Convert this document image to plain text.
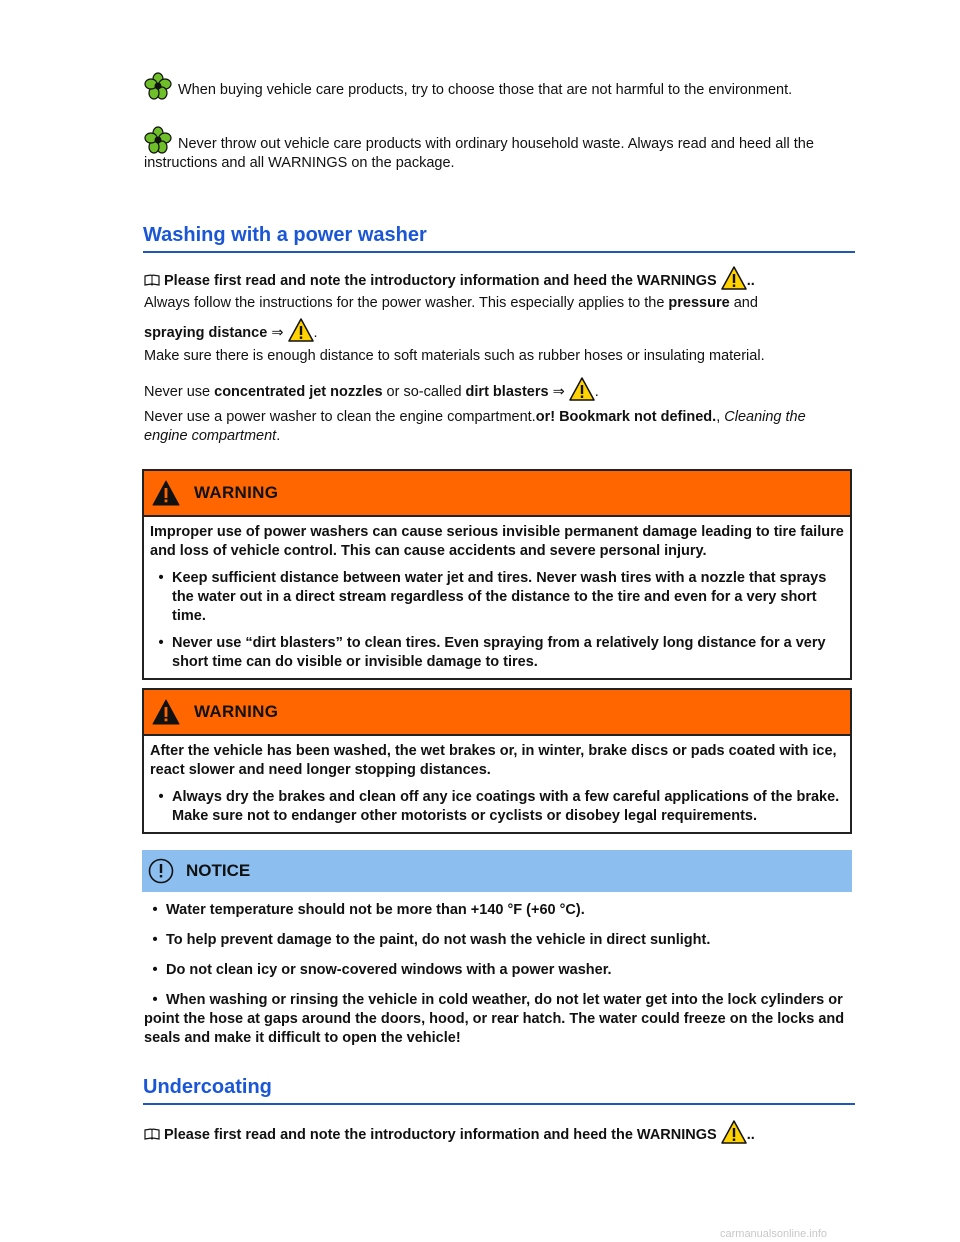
When buying vehicle care products, try to choose those that are not harmful to the environment.
Never throw out vehicle care products with ordinary household waste. Always read and heed all the instructions and all WARNINGS on the package.
Washing with a power washer
Please first read and note the introductory information and heed the WARNINGS ..
Always follow the instructions for the power washer. This especially applies to the pressure and
spraying distance ⇒ .
Make sure there is enough distance to soft materials such as rubber hoses or insulating material.
Never use concentrated jet nozzles or so-called dirt blasters ⇒ .
Never use a power washer to clean the engine compartment.or! Bookmark not defined., Cleaning the engine compartment.
WARNING

Improper use of power washers can cause serious invisible permanent damage leading to tire failure and loss of vehicle control. This can cause accidents and severe personal injury.

• Keep sufficient distance between water jet and tires. Never wash tires with a nozzle that sprays the water out in a direct stream regardless of the distance to the tire and even for a very short time.
• Never use “dirt blasters” to clean tires. Even spraying from a relatively long distance for a very short time can do visible or invisible damage to tires.
WARNING

After the vehicle has been washed, the wet brakes or, in winter, brake discs or pads coated with ice, react slower and need longer stopping distances.

• Always dry the brakes and clean off any ice coatings with a few careful applications of the brake. Make sure not to endanger other motorists or cyclists or disobey legal requirements.
NOTICE
• Water temperature should not be more than +140 °F (+60 °C).
• To help prevent damage to the paint, do not wash the vehicle in direct sunlight.
• Do not clean icy or snow-covered windows with a power washer.
• When washing or rinsing the vehicle in cold weather, do not let water get into the lock cylinders or point the hose at gaps around the doors, hood, or rear hatch. The water could freeze on the locks and seals and make it difficult to open the vehicle!
Undercoating
Please first read and note the introductory information and heed the WARNINGS ..
carmanualsonline.info
